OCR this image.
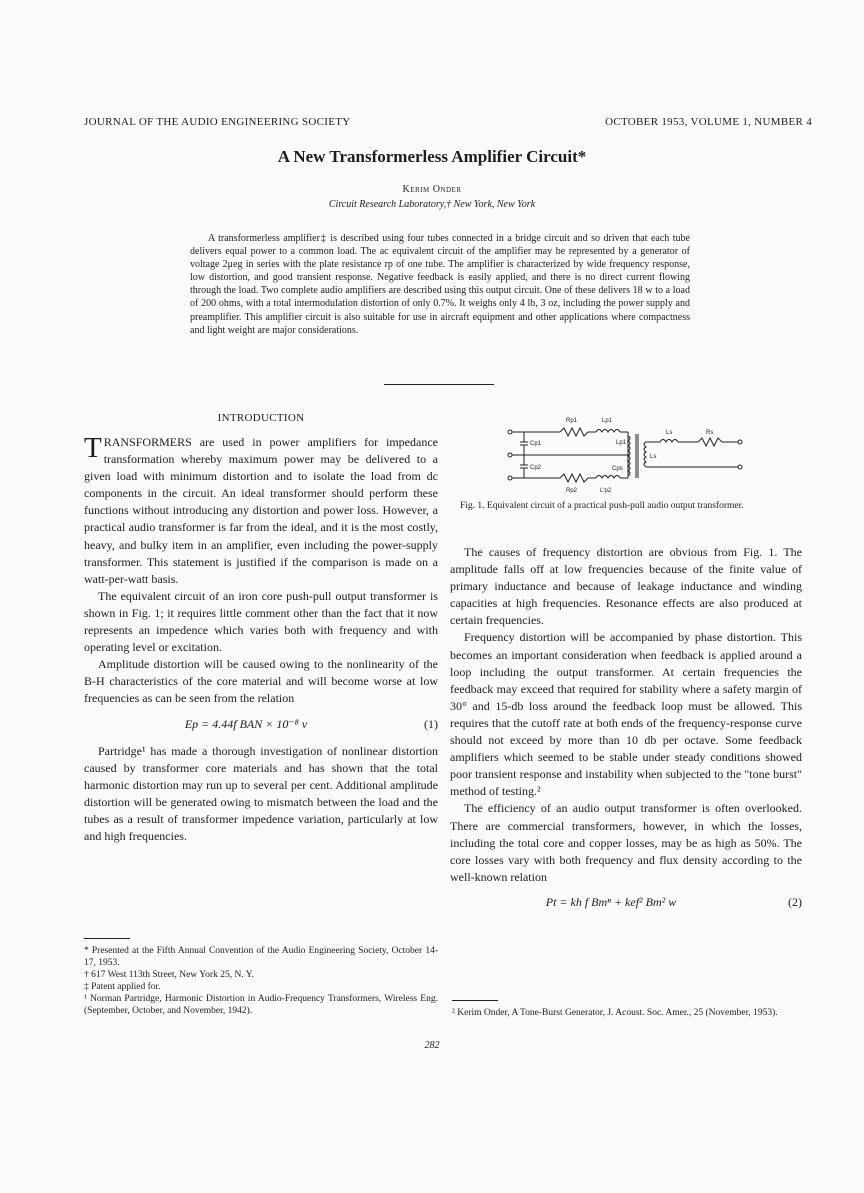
JOURNAL OF THE AUDIO ENGINEERING SOCIETY	OCTOBER 1953, VOLUME 1, NUMBER 4
A New Transformerless Amplifier Circuit*
Kerim Onder
Circuit Research Laboratory,† New York, New York
A transformerless amplifier‡ is described using four tubes connected in a bridge circuit and so driven that each tube delivers equal power to a common load. The ac equivalent circuit of the amplifier may be represented by a generator of voltage 2μeg in series with the plate resistance rp of one tube. The amplifier is characterized by wide frequency response, low distortion, and good transient response. Negative feedback is easily applied, and there is no direct current flowing through the load. Two complete audio amplifiers are described using this output circuit. One of these delivers 18 w to a load of 200 ohms, with a total intermodulation distortion of only 0.7%. It weighs only 4 lb, 3 oz, including the power supply and preamplifier. This amplifier circuit is also suitable for use in aircraft equipment and other applications where compactness and light weight are major considerations.
INTRODUCTION

TRANSFORMERS are used in power amplifiers for impedance transformation whereby maximum power may be delivered to a given load with minimum distortion and to isolate the load from dc components in the circuit. An ideal transformer should perform these functions without introducing any distortion and power loss. However, a practical audio transformer is far from the ideal, and it is the most costly, heavy, and bulky item in an amplifier, even including the power-supply transformer. This statement is justified if the comparison is made on a watt-per-watt basis.

The equivalent circuit of an iron core push-pull output transformer is shown in Fig. 1; it requires little comment other than the fact that it now represents an impedence which varies both with frequency and with operating level or excitation.

Amplitude distortion will be caused owing to the nonlinearity of the B-H characteristics of the core material and will become worse at low frequencies as can be seen from the relation

Ep = 4.44f BAN × 10⁻⁸ v	(1)

Partridge¹ has made a thorough investigation of nonlinear distortion caused by transformer core materials and has shown that the total harmonic distortion may run up to several per cent. Additional amplitude distortion will be generated owing to mismatch between the load and the tubes as a result of transformer impedence variation, particularly at low and high frequencies.

* Presented at the Fifth Annual Convention of the Audio Engineering Society, October 14-17, 1953.

† 617 West 113th Street, New York 25, N. Y.

‡ Patent applied for.

¹ Norman Partridge, Harmonic Distortion in Audio-Frequency Transformers, Wireless Eng. (September, October, and November, 1942).

Rp1	Lp1
Cp1	Lp1
Cp2	Cps
Rp2	L'p2
Ls
Ls
Rs
Fig. 1. Equivalent circuit of a practical push-pull audio output transformer.

The causes of frequency distortion are obvious from Fig. 1. The amplitude falls off at low frequencies because of the finite value of primary inductance and because of leakage inductance and winding capacities at high frequencies. Resonance effects are also produced at certain frequencies.

Frequency distortion will be accompanied by phase distortion. This becomes an important consideration when feedback is applied around a loop including the output transformer. At certain frequencies the feedback may exceed that required for stability where a safety margin of 30° and 15-db loss around the feedback loop must be allowed. This requires that the cutoff rate at both ends of the frequency-response curve should not exceed by more than 10 db per octave. Some feedback amplifiers which seemed to be stable under steady conditions showed poor transient response and instability when subjected to the "tone burst" method of testing.²

The efficiency of an audio output transformer is often overlooked. There are commercial transformers, however, in which the losses, including the total core and copper losses, may be as high as 50%. The core losses vary with both frequency and flux density according to the well-known relation

Pt = kh f Bmⁿ + kef² Bm² w	(2)

² Kerim Onder, A Tone-Burst Generator, J. Acoust. Soc. Amer., 25 (November, 1953).

282
